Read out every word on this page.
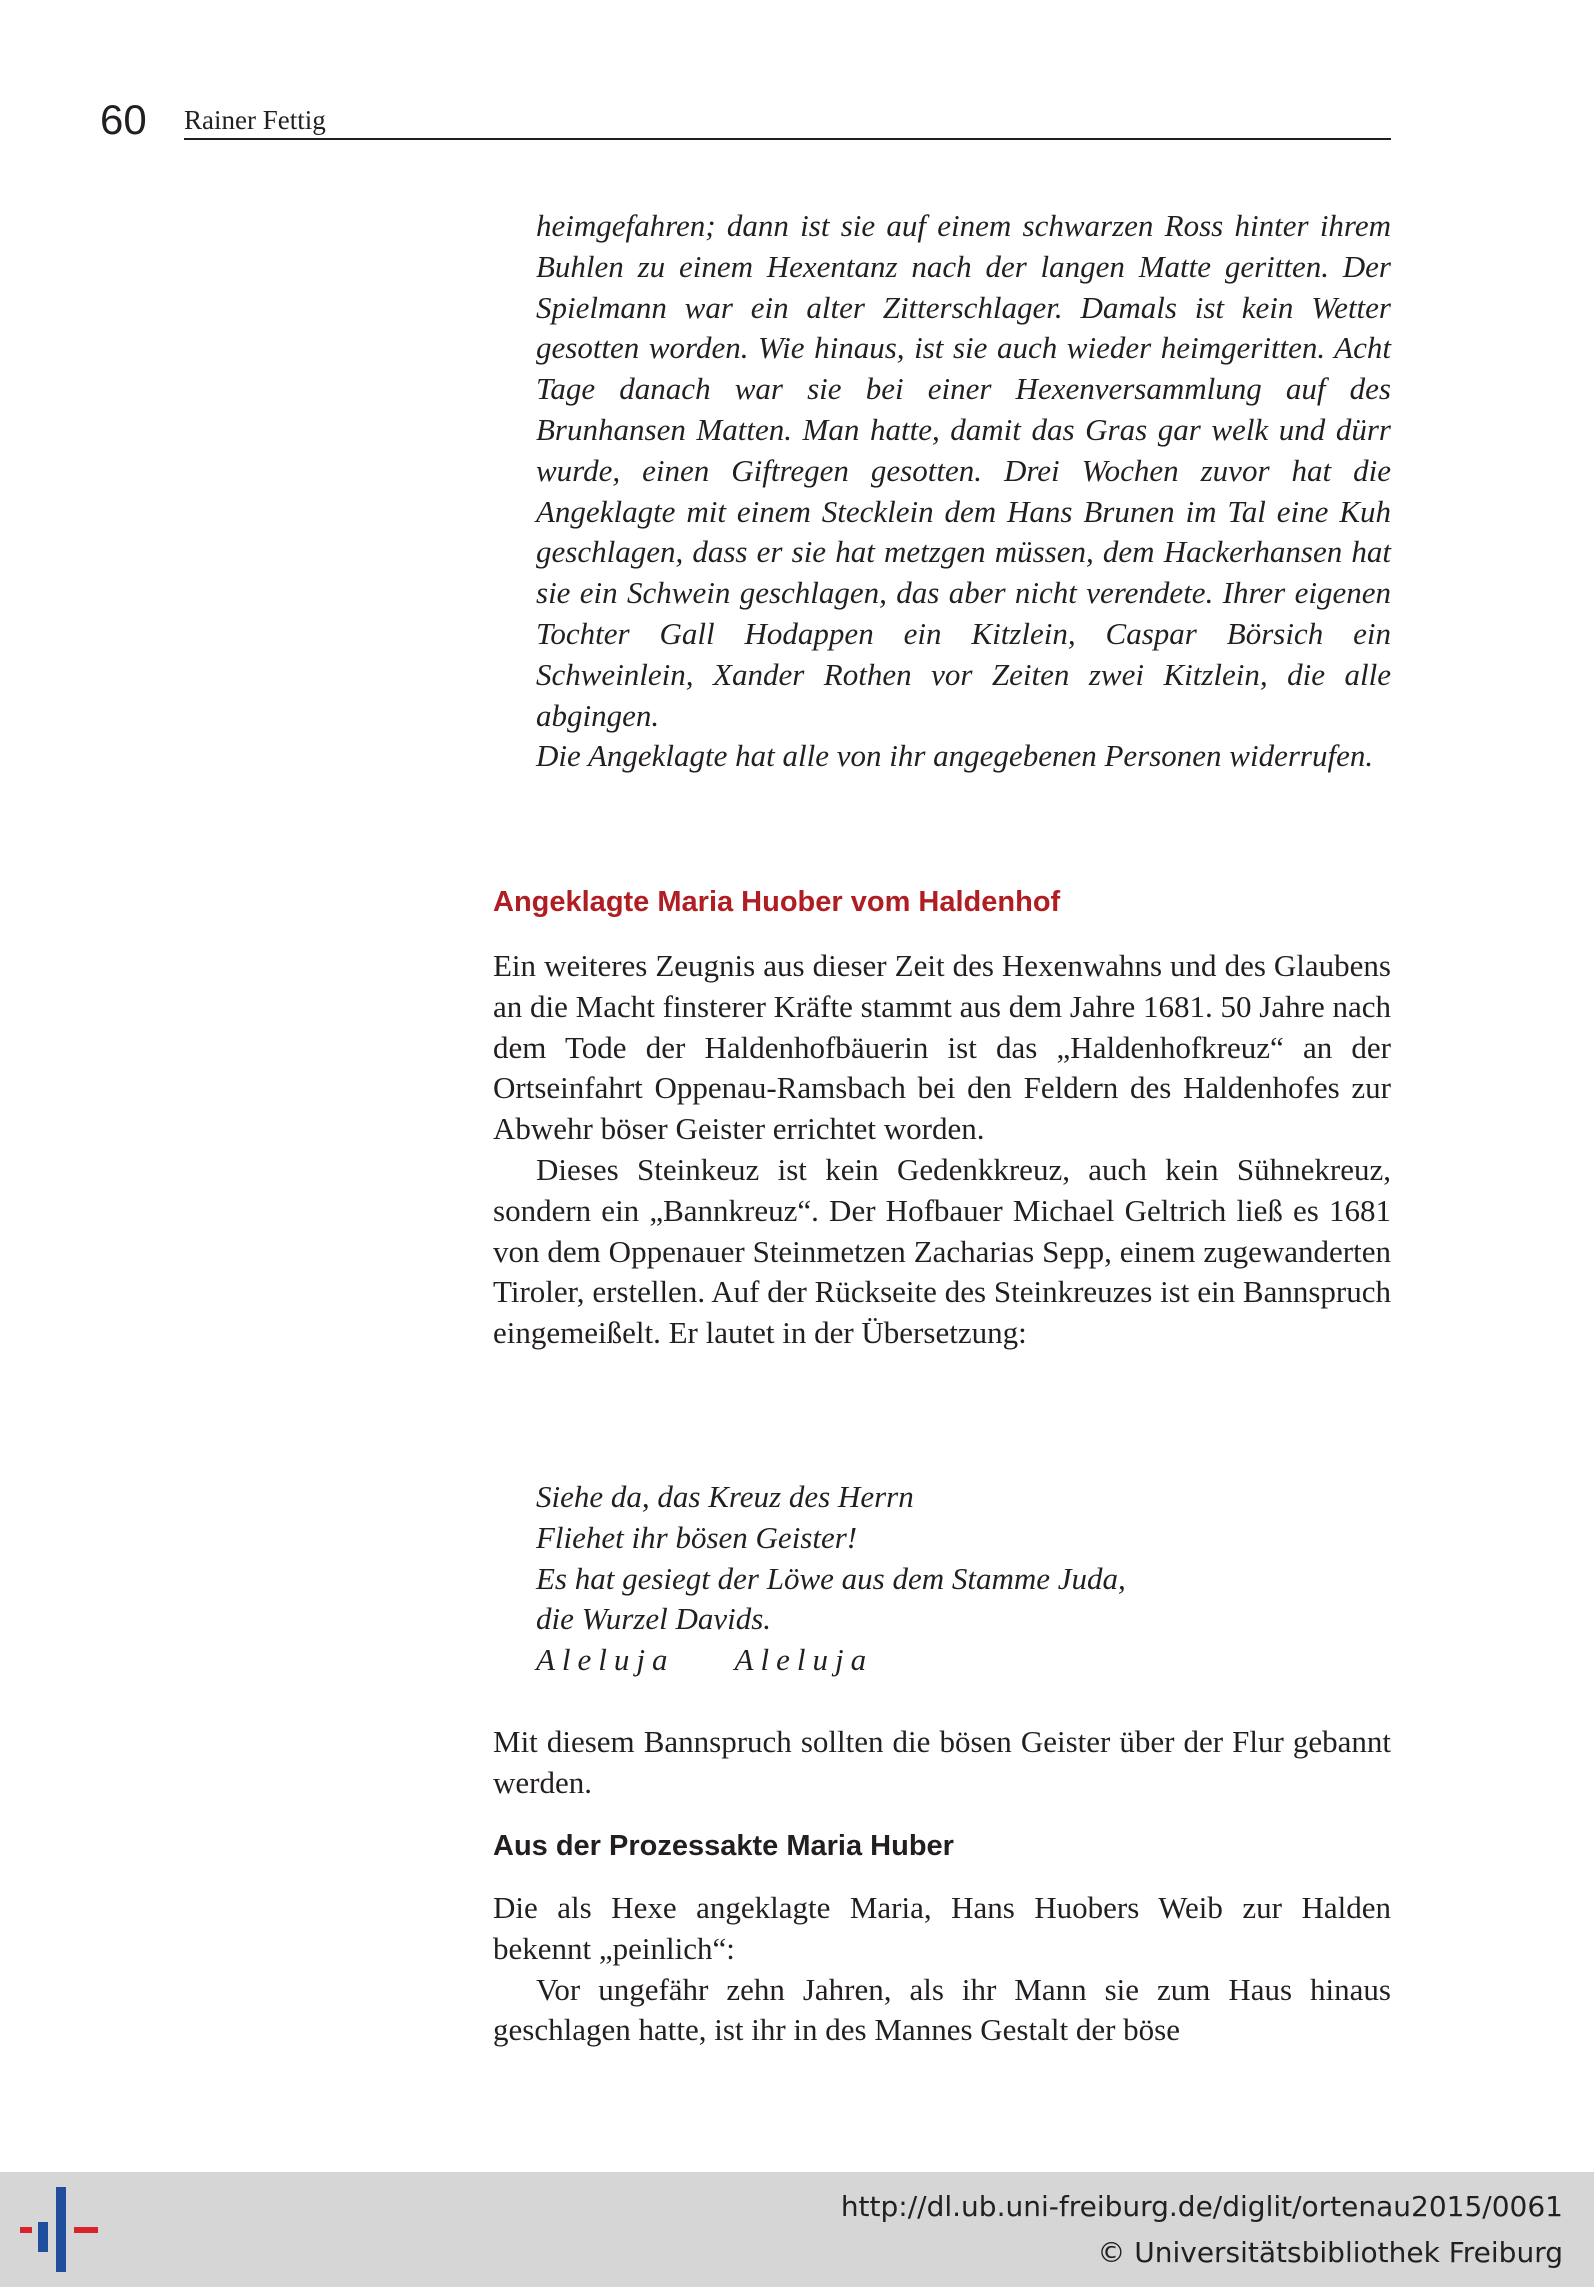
60 Rainer Fettig

heimgefahren; dann ist sie auf einem schwarzen Ross hinter ihrem Buhlen zu einem Hexentanz nach der langen Matte geritten. Der Spielmann war ein alter Zitterschlager. Damals ist kein Wetter gesotten worden. Wie hinaus, ist sie auch wieder heimgeritten. Acht Tage danach war sie bei einer Hexenversammlung auf des Brunhansen Matten. Man hatte, damit das Gras gar welk und dürr wurde, einen Giftregen gesotten. Drei Wochen zuvor hat die Angeklagte mit einem Stecklein dem Hans Brunen im Tal eine Kuh geschlagen, dass er sie hat metzgen müssen, dem Hackerhansen hat sie ein Schwein geschlagen, das aber nicht verendete. Ihrer eigenen Tochter Gall Hodappen ein Kitzlein, Caspar Börsich ein Schweinlein, Xander Rothen vor Zeiten zwei Kitzlein, die alle abgingen.

Die Angeklagte hat alle von ihr angegebenen Personen widerrufen.

Angeklagte Maria Huober vom Haldenhof

Ein weiteres Zeugnis aus dieser Zeit des Hexenwahns und des Glaubens an die Macht finsterer Kräfte stammt aus dem Jahre 1681. 50 Jahre nach dem Tode der Haldenhofbäuerin ist das „Haldenhofkreuz“ an der Ortseinfahrt Oppenau-Ramsbach bei den Feldern des Haldenhofes zur Abwehr böser Geister errichtet worden.

Dieses Steinkeuz ist kein Gedenkkreuz, auch kein Sühnekreuz, sondern ein „Bannkreuz“. Der Hofbauer Michael Geltrich ließ es 1681 von dem Oppenauer Steinmetzen Zacharias Sepp, einem zugewanderten Tiroler, erstellen. Auf der Rückseite des Steinkreuzes ist ein Bannspruch eingemeißelt. Er lautet in der Übersetzung:

Siehe da, das Kreuz des Herrn
Fliehet ihr bösen Geister!
Es hat gesiegt der Löwe aus dem Stamme Juda,
die Wurzel Davids.
Aleluja Aleluja

Mit diesem Bannspruch sollten die bösen Geister über der Flur gebannt werden.

Aus der Prozessakte Maria Huber

Die als Hexe angeklagte Maria, Hans Huobers Weib zur Halden bekennt „peinlich“:

Vor ungefähr zehn Jahren, als ihr Mann sie zum Haus hinaus geschlagen hatte, ist ihr in des Mannes Gestalt der böse

http://dl.ub.uni-freiburg.de/diglit/ortenau2015/0061
© Universitätsbibliothek Freiburg
